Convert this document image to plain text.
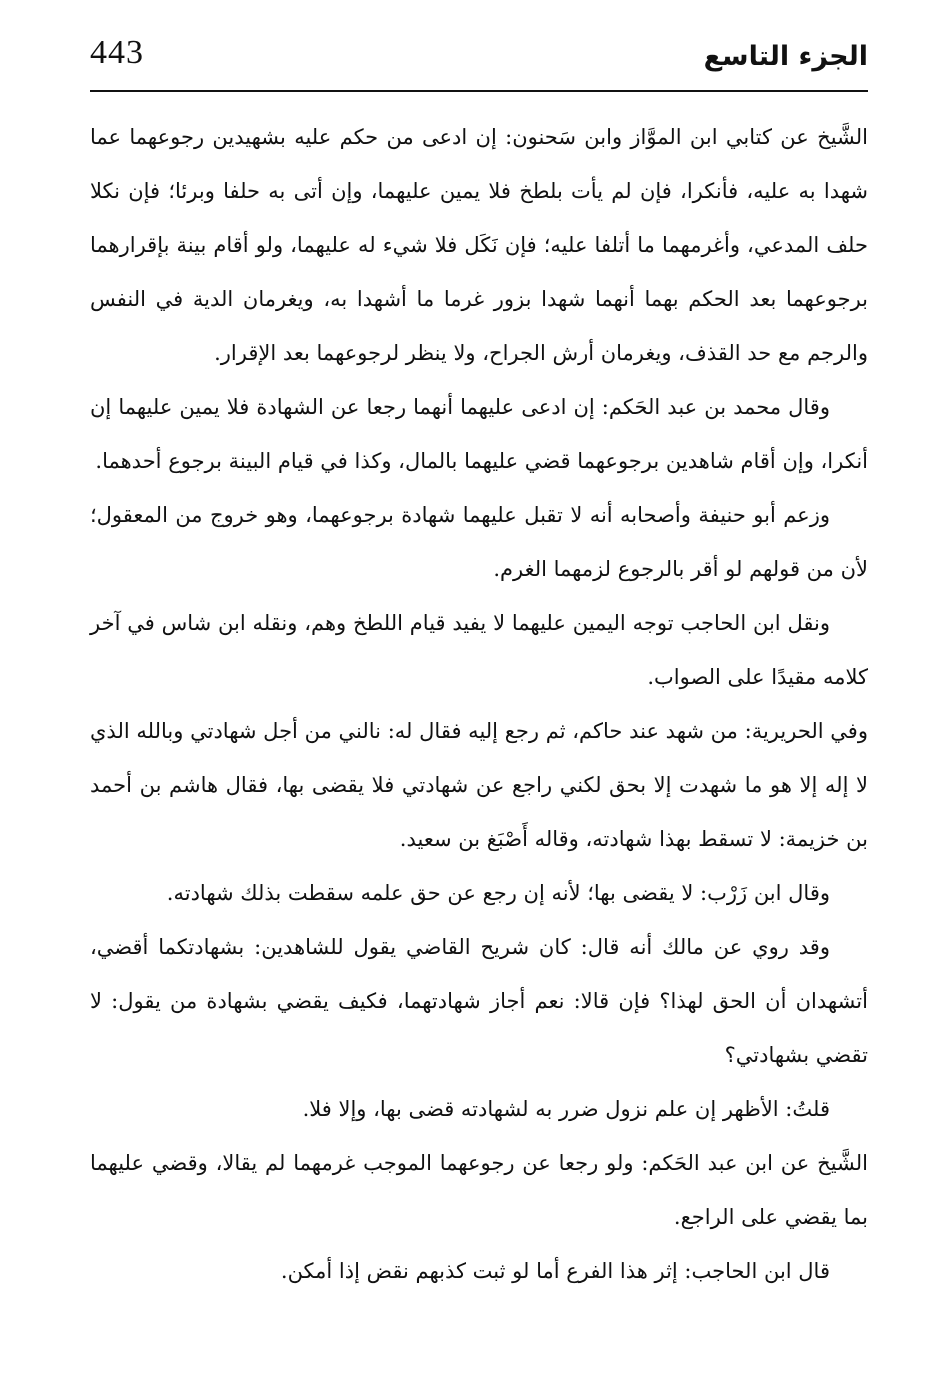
443	الجزء التاسع

الشَّيخ عن كتابي ابن الموَّاز وابن سَحنون: إن ادعى من حكم عليه بشهيدين رجوعهما عما شهدا به عليه، فأنكرا، فإن لم يأت بلطخ فلا يمين عليهما، وإن أتى به حلفا وبرئا؛ فإن نكلا حلف المدعي، وأغرمهما ما أتلفا عليه؛ فإن نَكَل فلا شيء له عليهما، ولو أقام بينة بإقرارهما برجوعهما بعد الحكم بهما أنهما شهدا بزور غرما ما أشهدا به، ويغرمان الدية في النفس والرجم مع حد القذف، ويغرمان أرش الجراح، ولا ينظر لرجوعهما بعد الإقرار.

وقال محمد بن عبد الحَكم: إن ادعى عليهما أنهما رجعا عن الشهادة فلا يمين عليهما إن أنكرا، وإن أقام شاهدين برجوعهما قضي عليهما بالمال، وكذا في قيام البينة برجوع أحدهما.

وزعم أبو حنيفة وأصحابه أنه لا تقبل عليهما شهادة برجوعهما، وهو خروج من المعقول؛ لأن من قولهم لو أقر بالرجوع لزمهما الغرم.

ونقل ابن الحاجب توجه اليمين عليهما لا يفيد قيام اللطخ وهم، ونقله ابن شاس في آخر كلامه مقيدًا على الصواب.

وفي الحريرية: من شهد عند حاكم، ثم رجع إليه فقال له: نالني من أجل شهادتي وبالله الذي لا إله إلا هو ما شهدت إلا بحق لكني راجع عن شهادتي فلا يقضى بها، فقال هاشم بن أحمد بن خزيمة: لا تسقط بهذا شهادته، وقاله أَصْبَغ بن سعيد.

وقال ابن زَرْب: لا يقضى بها؛ لأنه إن رجع عن حق علمه سقطت بذلك شهادته.

وقد روي عن مالك أنه قال: كان شريح القاضي يقول للشاهدين: بشهادتكما أقضي، أتشهدان أن الحق لهذا؟ فإن قالا: نعم أجاز شهادتهما، فكيف يقضي بشهادة من يقول: لا تقضي بشهادتي؟

قلتُ: الأظهر إن علم نزول ضرر به لشهادته قضى بها، وإلا فلا.

الشَّيخ عن ابن عبد الحَكم: ولو رجعا عن رجوعهما الموجب غرمهما لم يقالا، وقضي عليهما بما يقضي على الراجع.

قال ابن الحاجب: إثر هذا الفرع أما لو ثبت كذبهم نقض إذا أمكن.
